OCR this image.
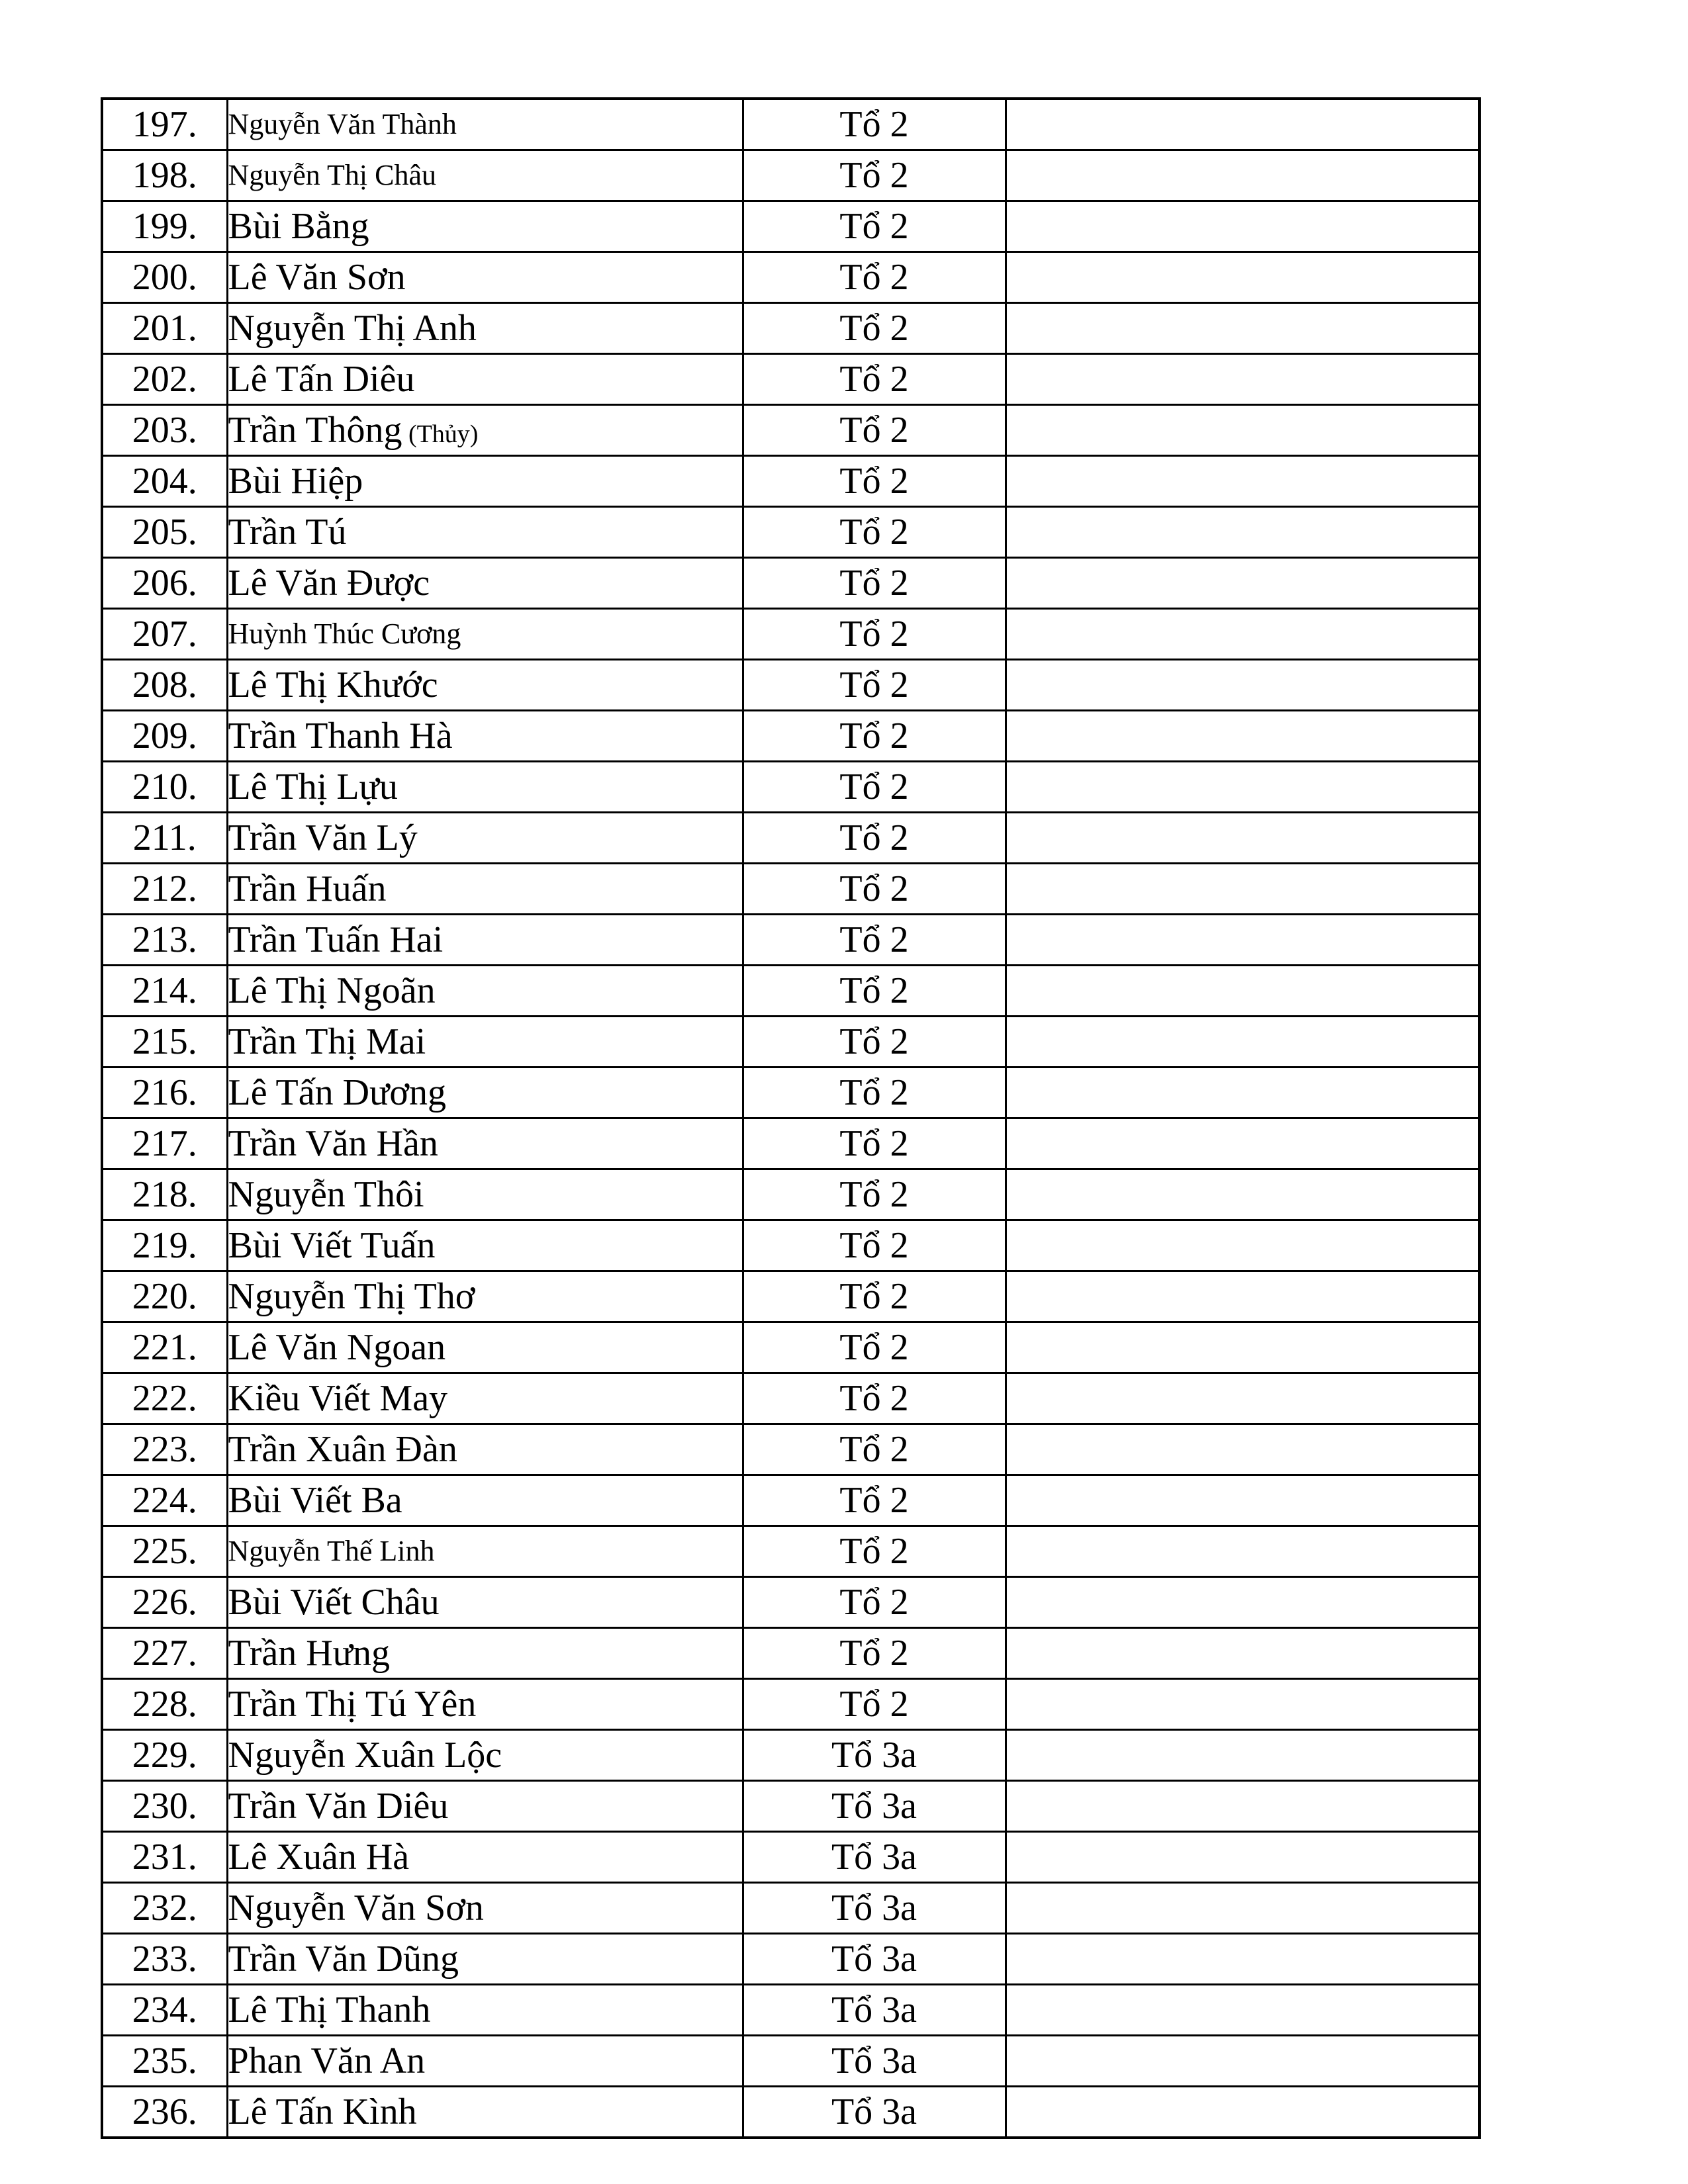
197.	Nguyễn Văn Thành	Tổ 2	
198.	Nguyễn Thị Châu	Tổ 2	
199.	Bùi Bằng	Tổ 2	
200.	Lê Văn Sơn	Tổ 2	
201.	Nguyễn Thị Anh	Tổ 2	
202.	Lê Tấn Diêu	Tổ 2	
203.	Trần Thông (Thủy)	Tổ 2	
204.	Bùi Hiệp	Tổ 2	
205.	Trần Tú	Tổ 2	
206.	Lê Văn Được	Tổ 2	
207.	Huỳnh Thúc Cương	Tổ 2	
208.	Lê Thị Khước	Tổ 2	
209.	Trần Thanh Hà	Tổ 2	
210.	Lê Thị Lựu	Tổ 2	
211.	Trần Văn Lý	Tổ 2	
212.	Trần Huấn	Tổ 2	
213.	Trần Tuấn Hai	Tổ 2	
214.	Lê Thị Ngoãn	Tổ 2	
215.	Trần Thị Mai	Tổ 2	
216.	Lê Tấn Dương	Tổ 2	
217.	Trần Văn Hần	Tổ 2	
218.	Nguyễn Thôi	Tổ 2	
219.	Bùi Viết Tuấn	Tổ 2	
220.	Nguyễn Thị Thơ	Tổ 2	
221.	Lê Văn Ngoan	Tổ 2	
222.	Kiều Viết May	Tổ 2	
223.	Trần Xuân Đàn	Tổ 2	
224.	Bùi Viết Ba	Tổ 2	
225.	Nguyễn Thế Linh	Tổ 2	
226.	Bùi Viết Châu	Tổ 2	
227.	Trần Hưng	Tổ 2	
228.	Trần Thị Tú Yên	Tổ 2	
229.	Nguyễn Xuân Lộc	Tổ 3a	
230.	Trần Văn Diêu	Tổ 3a	
231.	Lê Xuân Hà	Tổ 3a	
232.	Nguyễn Văn Sơn	Tổ 3a	
233.	Trần Văn Dũng	Tổ 3a	
234.	Lê Thị Thanh	Tổ 3a	
235.	Phan Văn An	Tổ 3a	
236.	Lê Tấn Kình	Tổ 3a	
